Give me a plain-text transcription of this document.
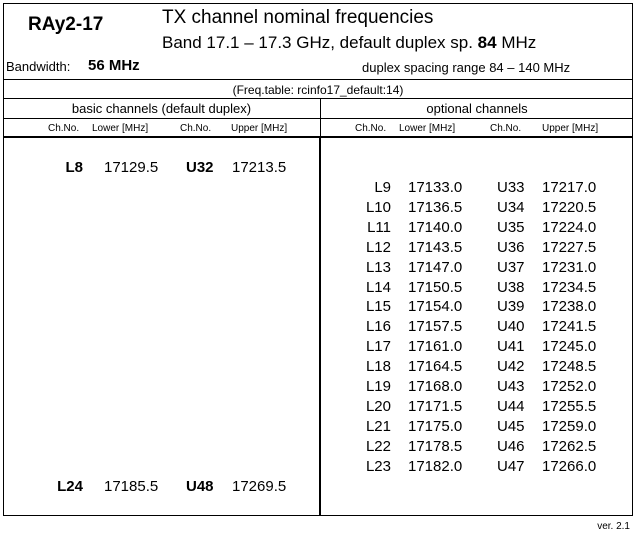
RAy2-17	TX channel nominal frequencies
Band 17.1 – 17.3 GHz, default duplex sp. 84 MHz
Bandwidth: 56 MHz	duplex spacing range 84 – 140 MHz
(Freq.table: rcinfo17_default:14)
basic channels (default duplex)	optional channels
Ch.No. Lower [MHz]	Ch.No. Upper [MHz]	Ch.No. Lower [MHz]	Ch.No. Upper [MHz]
L8 17129.5 U32 17213.5
L24 17185.5 U48 17269.5
L9 17133.0 U33 17217.0
L10 17136.5 U34 17220.5
L11 17140.0 U35 17224.0
L12 17143.5 U36 17227.5
L13 17147.0 U37 17231.0
L14 17150.5 U38 17234.5
L15 17154.0 U39 17238.0
L16 17157.5 U40 17241.5
L17 17161.0 U41 17245.0
L18 17164.5 U42 17248.5
L19 17168.0 U43 17252.0
L20 17171.5 U44 17255.5
L21 17175.0 U45 17259.0
L22 17178.5 U46 17262.5
L23 17182.0 U47 17266.0
ver. 2.1
